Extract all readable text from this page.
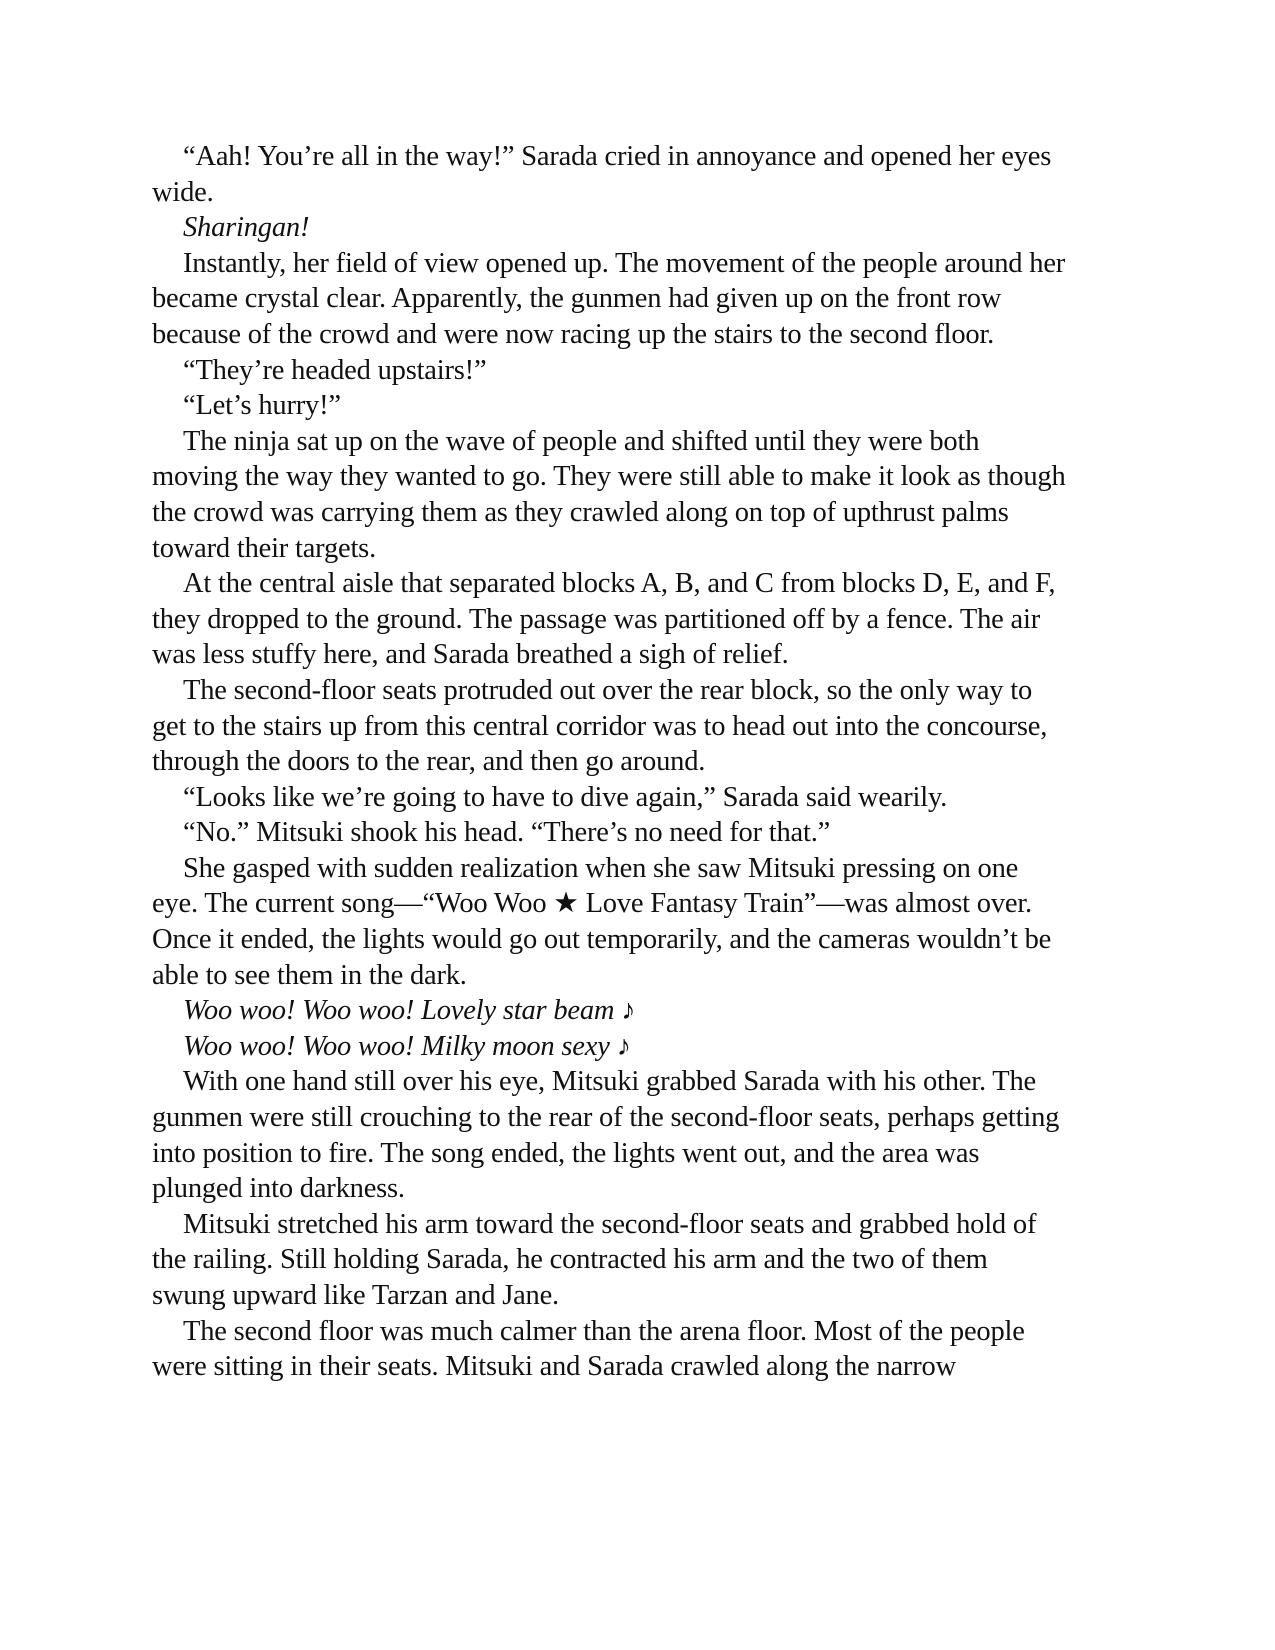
“Aah! You’re all in the way!” Sarada cried in annoyance and opened her eyes wide.

Sharingan!

Instantly, her field of view opened up. The movement of the people around her became crystal clear. Apparently, the gunmen had given up on the front row because of the crowd and were now racing up the stairs to the second floor.

“They’re headed upstairs!”

“Let’s hurry!”

The ninja sat up on the wave of people and shifted until they were both moving the way they wanted to go. They were still able to make it look as though the crowd was carrying them as they crawled along on top of upthrust palms toward their targets.

At the central aisle that separated blocks A, B, and C from blocks D, E, and F, they dropped to the ground. The passage was partitioned off by a fence. The air was less stuffy here, and Sarada breathed a sigh of relief.

The second-floor seats protruded out over the rear block, so the only way to get to the stairs up from this central corridor was to head out into the concourse, through the doors to the rear, and then go around.

“Looks like we’re going to have to dive again,” Sarada said wearily.

“No.” Mitsuki shook his head. “There’s no need for that.”

She gasped with sudden realization when she saw Mitsuki pressing on one eye. The current song—“Woo Woo ★ Love Fantasy Train”—was almost over. Once it ended, the lights would go out temporarily, and the cameras wouldn’t be able to see them in the dark.

Woo woo! Woo woo! Lovely star beam ♪

Woo woo! Woo woo! Milky moon sexy ♪

With one hand still over his eye, Mitsuki grabbed Sarada with his other. The gunmen were still crouching to the rear of the second-floor seats, perhaps getting into position to fire. The song ended, the lights went out, and the area was plunged into darkness.

Mitsuki stretched his arm toward the second-floor seats and grabbed hold of the railing. Still holding Sarada, he contracted his arm and the two of them swung upward like Tarzan and Jane.

The second floor was much calmer than the arena floor. Most of the people were sitting in their seats. Mitsuki and Sarada crawled along the narrow
